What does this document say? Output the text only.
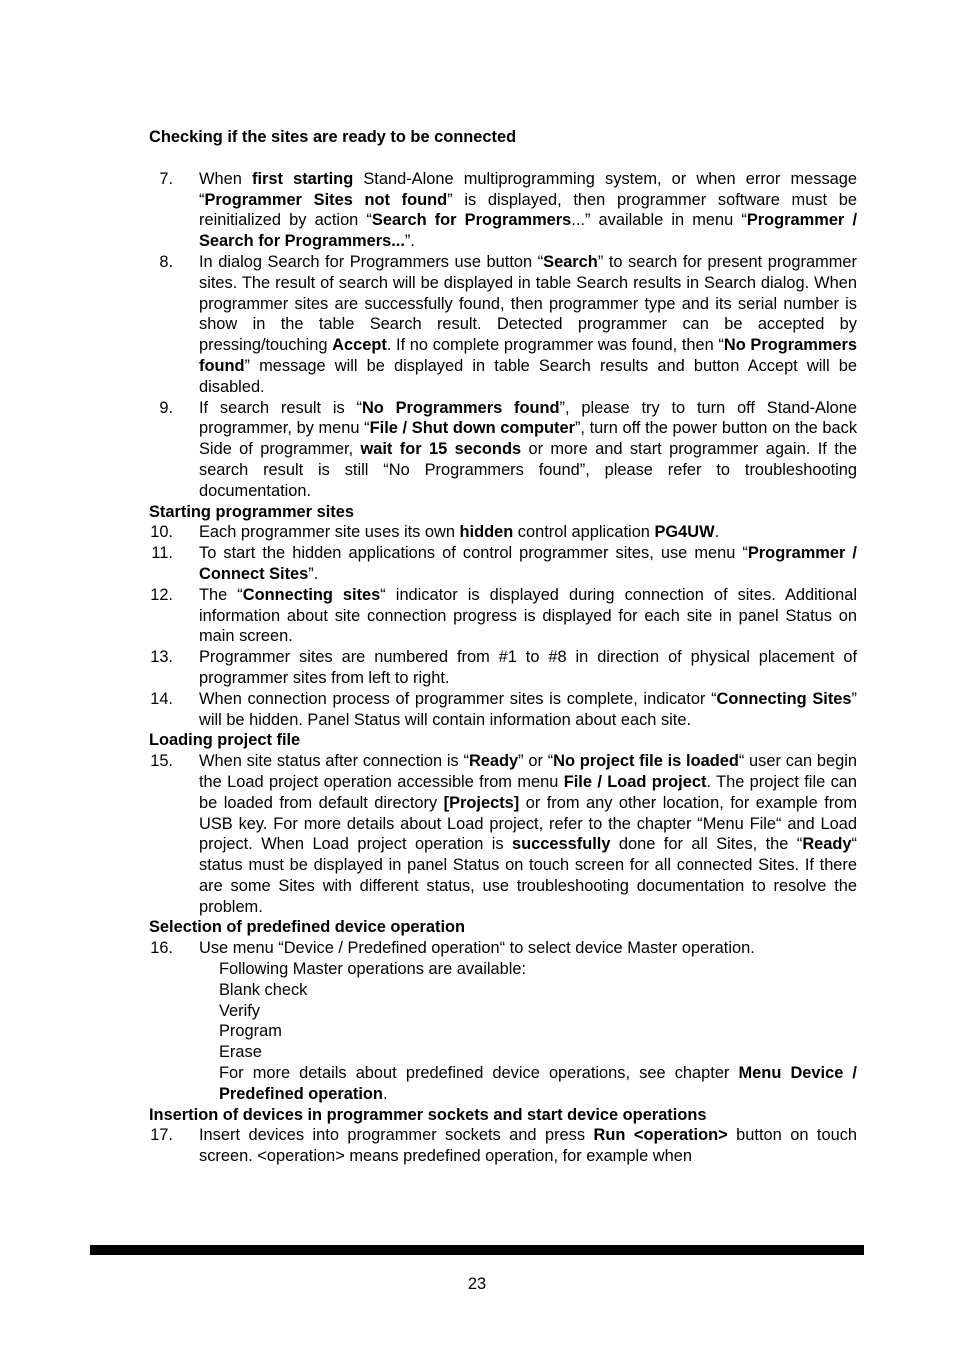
Checking if the sites are ready to be connected
7. When first starting Stand-Alone multiprogramming system, or when error message “Programmer Sites not found” is displayed, then programmer software must be reinitialized by action “Search for Programmers...” available in menu “Programmer / Search for Programmers...”.
8. In dialog Search for Programmers use button “Search” to search for present programmer sites. The result of search will be displayed in table Search results in Search dialog. When programmer sites are successfully found, then programmer type and its serial number is show in the table Search result. Detected programmer can be accepted by pressing/touching Accept. If no complete programmer was found, then “No Programmers found” message will be displayed in table Search results and button Accept will be disabled.
9. If search result is “No Programmers found”, please try to turn off Stand-Alone programmer, by menu “File / Shut down computer”, turn off the power button on the back Side of programmer, wait for 15 seconds or more and start programmer again. If the search result is still “No Programmers found”, please refer to troubleshooting documentation.
Starting programmer sites
10. Each programmer site uses its own hidden control application PG4UW.
11. To start the hidden applications of control programmer sites, use menu “Programmer / Connect Sites”.
12. The “Connecting sites“ indicator is displayed during connection of sites. Additional information about site connection progress is displayed for each site in panel Status on main screen.
13. Programmer sites are numbered from #1 to #8 in direction of physical placement of programmer sites from left to right.
14. When connection process of programmer sites is complete, indicator “Connecting Sites” will be hidden. Panel Status will contain information about each site.
Loading project file
15. When site status after connection is “Ready” or “No project file is loaded“ user can begin the Load project operation accessible from menu File / Load project. The project file can be loaded from default directory [Projects] or from any other location, for example from USB key. For more details about Load project, refer to the chapter “Menu File“ and Load project. When Load project operation is successfully done for all Sites, the “Ready“ status must be displayed in panel Status on touch screen for all connected Sites. If there are some Sites with different status, use troubleshooting documentation to resolve the problem.
Selection of predefined device operation
16. Use menu “Device / Predefined operation“ to select device Master operation.
Following Master operations are available:
Blank check
Verify
Program
Erase
For more details about predefined device operations, see chapter Menu Device / Predefined operation.
Insertion of devices in programmer sockets and start device operations
17. Insert devices into programmer sockets and press Run <operation> button on touch screen. <operation> means predefined operation, for example when
23
